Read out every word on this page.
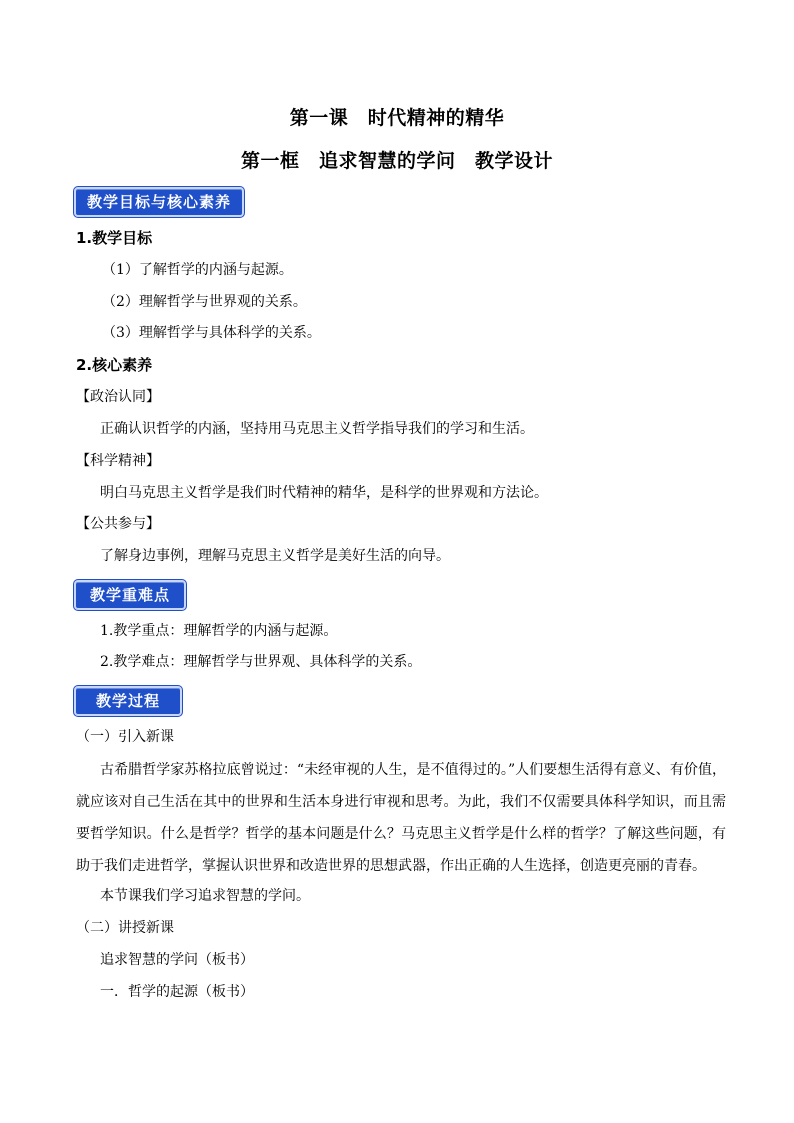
第一课　时代精神的精华
第一框　追求智慧的学问　教学设计
教学目标与核心素养
1.教学目标
（1）了解哲学的内涵与起源。
（2）理解哲学与世界观的关系。
（3）理解哲学与具体科学的关系。
2.核心素养
【政治认同】
正确认识哲学的内涵，坚持用马克思主义哲学指导我们的学习和生活。
【科学精神】
明白马克思主义哲学是我们时代精神的精华，是科学的世界观和方法论。
【公共参与】
了解身边事例，理解马克思主义哲学是美好生活的向导。
教学重难点
1.教学重点：理解哲学的内涵与起源。
2.教学难点：理解哲学与世界观、具体科学的关系。
教学过程
（一）引入新课
古希腊哲学家苏格拉底曾说过：“未经审视的人生，是不值得过的。”人们要想生活得有意义、有价值，就应该对自己生活在其中的世界和生活本身进行审视和思考。为此，我们不仅需要具体科学知识，而且需要哲学知识。什么是哲学？哲学的基本问题是什么？马克思主义哲学是什么样的哲学？了解这些问题，有助于我们走进哲学，掌握认识世界和改造世界的思想武器，作出正确的人生选择，创造更亮丽的青春。
本节课我们学习追求智慧的学问。
（二）讲授新课
追求智慧的学问（板书）
一．哲学的起源（板书）
